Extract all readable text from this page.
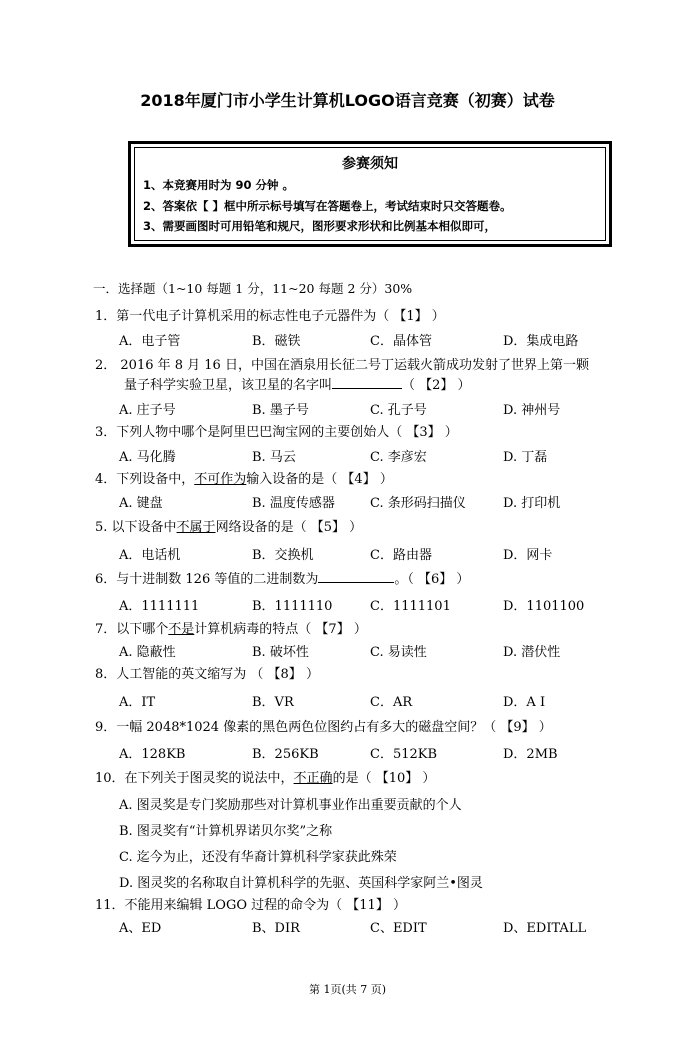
2018年厦门市小学生计算机LOGO语言竞赛（初赛）试卷
参赛须知
1、本竞赛用时为 90 分钟 。
2、答案依【 】框中所示标号填写在答题卷上，考试结束时只交答题卷。
3、需要画图时可用铅笔和规尺，图形要求形状和比例基本相似即可，
一．选择题（1~10 每题 1 分，11~20 每题 2 分）30%
1．第一代电子计算机采用的标志性电子元器件为（ 【1】 ）
A．电子管	B．磁铁	C．晶体管	D．集成电路
2． 2016 年 8 月 16 日，中国在酒泉用长征二号丁运载火箭成功发射了世界上第一颗
量子科学实验卫星，该卫星的名字叫	（ 【2】 ）
A. 庄子号	B. 墨子号	C. 孔子号	D. 神州号
3．下列人物中哪个是阿里巴巴淘宝网的主要创始人（ 【3】 ）
A. 马化腾	B. 马云	C. 李彦宏	D. 丁磊
4．下列设备中，不可作为输入设备的是（ 【4】 ）
A. 键盘	B. 温度传感器	C. 条形码扫描仪	D. 打印机
5. 以下设备中不属于网络设备的是（ 【5】 ）
A．电话机	B．交换机	C．路由器	D．网卡
6．与十进制数 126 等值的二进制数为	。（ 【6】 ）
A．1111111	B．1111110	C．1111101	D．1101100
7．以下哪个不是计算机病毒的特点（ 【7】 ）
A. 隐蔽性	B. 破坏性	C. 易读性	D. 潜伏性
8．人工智能的英文缩写为 （ 【8】 ）
A．IT	B．VR	C．AR	D．A I
9．一幅 2048*1024 像素的黑色两色位图约占有多大的磁盘空间？（ 【9】 ）
A．128KB	B．256KB	C．512KB	D．2MB
10．在下列关于图灵奖的说法中，不正确的是（ 【10】 ）
A. 图灵奖是专门奖励那些对计算机事业作出重要贡献的个人
B. 图灵奖有“计算机界诺贝尔奖”之称
C. 迄今为止，还没有华裔计算机科学家获此殊荣
D. 图灵奖的名称取自计算机科学的先驱、英国科学家阿兰•图灵
11．不能用来编辑 LOGO 过程的命令为（ 【11】 ）
A、ED	B、DIR	C、EDIT	D、EDITALL
第 1页(共 7 页)
